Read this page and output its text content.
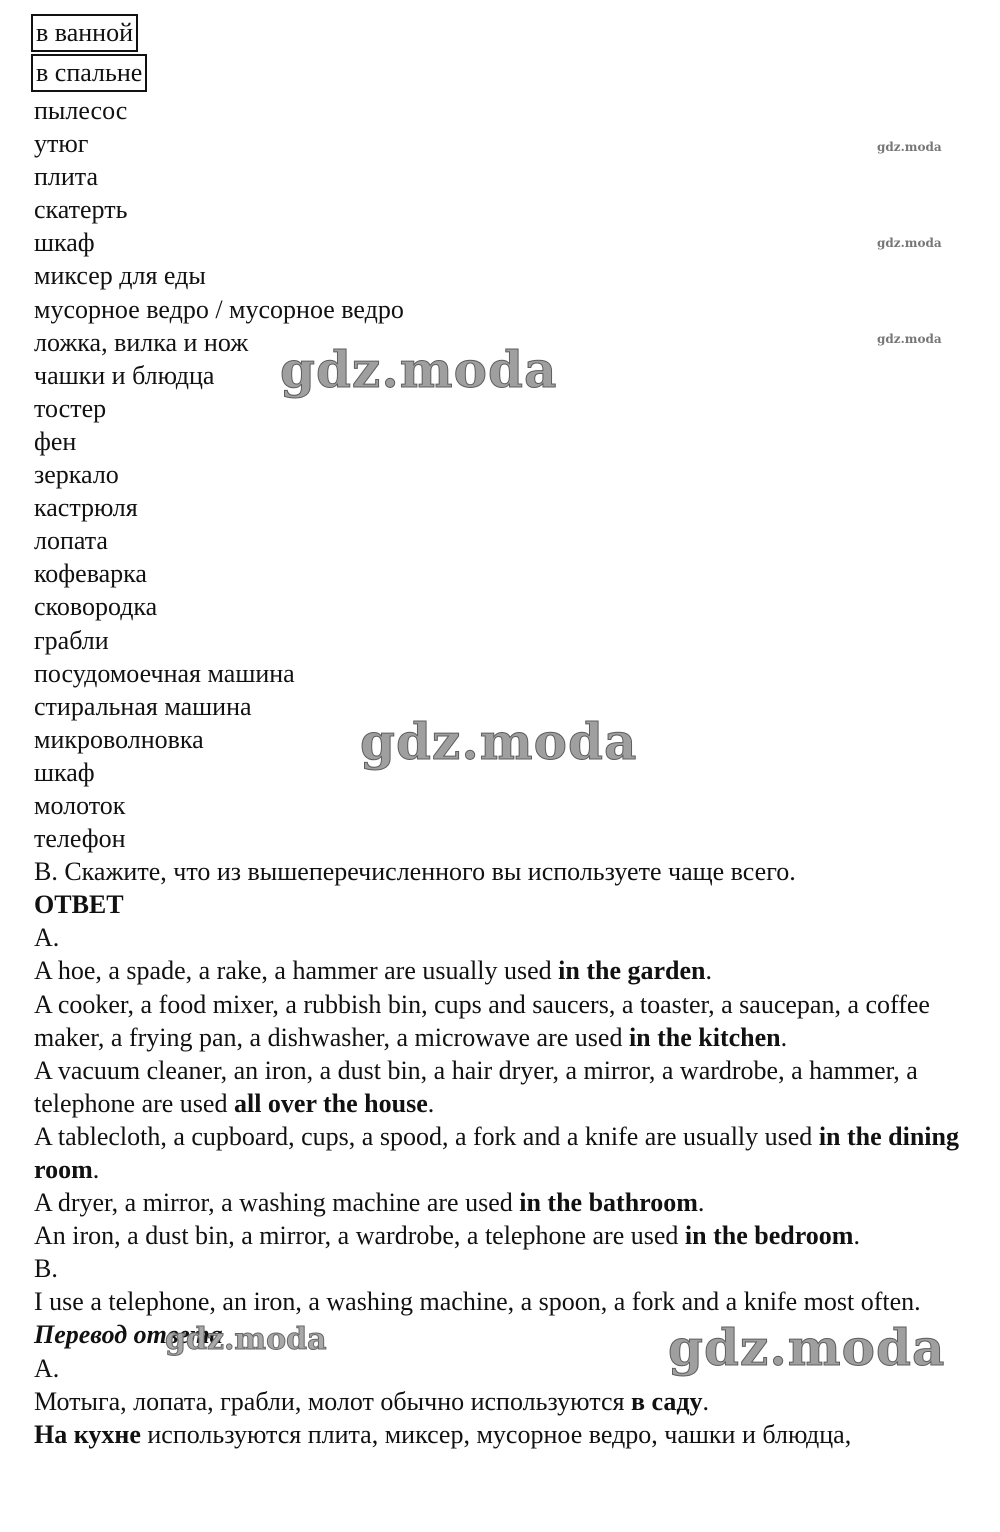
в ванной
в спальне
пылесос
утюг
плита
скатерть
шкаф
миксер для еды
мусорное ведро / мусорное ведро
ложка, вилка и нож
чашки и блюдца
тостер
фен
зеркало
кастрюля
лопата
кофеварка
сковородка
грабли
посудомоечная машина
стиральная машина
микроволновка
шкаф
молоток
телефон
B. Скажите, что из вышеперечисленного вы используете чаще всего.
ОТВЕТ
A.
A hoe, a spade, a rake, a hammer are usually used in the garden.
A cooker, a food mixer, a rubbish bin, cups and saucers, a toaster, a saucepan, a coffee maker, a frying pan, a dishwasher, a microwave are used in the kitchen.
A vacuum cleaner, an iron, a dust bin, a hair dryer, a mirror, a wardrobe, a hammer, a telephone are used all over the house.
A tablecloth, a cupboard, cups, a spood, a fork and a knife are usually used in the dining room.
A dryer, a mirror, a washing machine are used in the bathroom.
An iron, a dust bin, a mirror, a wardrobe, a telephone are used in the bedroom.
B.
I use a telephone, an iron, a washing machine, a spoon, a fork and a knife most often.
Перевод ответа
A.
Мотыга, лопата, грабли, молот обычно используются в саду.
На кухне используются плита, миксер, мусорное ведро, чашки и блюдца,
gdz.moda
gdz.moda
gdz.moda
gdz.moda
gdz.moda
gdz.moda
gdz.moda
